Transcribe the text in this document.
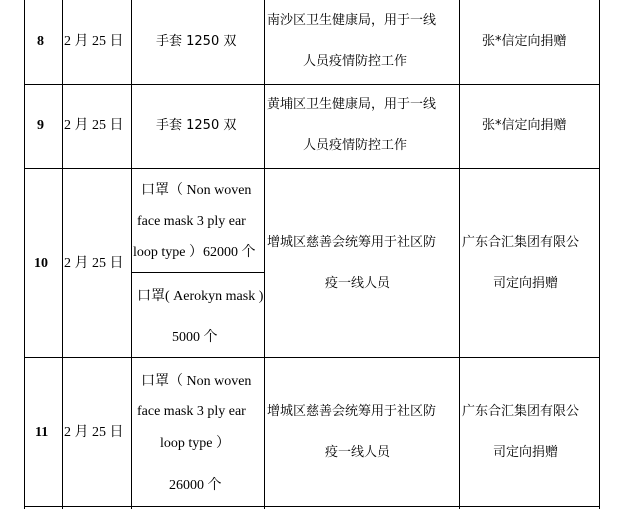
8 2 月 25 日	手套 1250 双
南沙区卫生健康局，用于一线
人员疫情防控工作
张*信定向捐赠
9 2 月 25 日	手套 1250 双
黄埔区卫生健康局，用于一线
人员疫情防控工作
张*信定向捐赠
10 2 月 25 日
口罩（ Non woven
face mask 3 ply ear
loop type ）62000 个
口罩( Aerokyn mask )
5000 个
增城区慈善会统筹用于社区防
疫一线人员
广东合汇集团有限公
司定向捐赠
11 2 月 25 日
口罩（ Non woven
face mask 3 ply ear
loop type ）
26000 个
增城区慈善会统筹用于社区防
疫一线人员
广东合汇集团有限公
司定向捐赠
